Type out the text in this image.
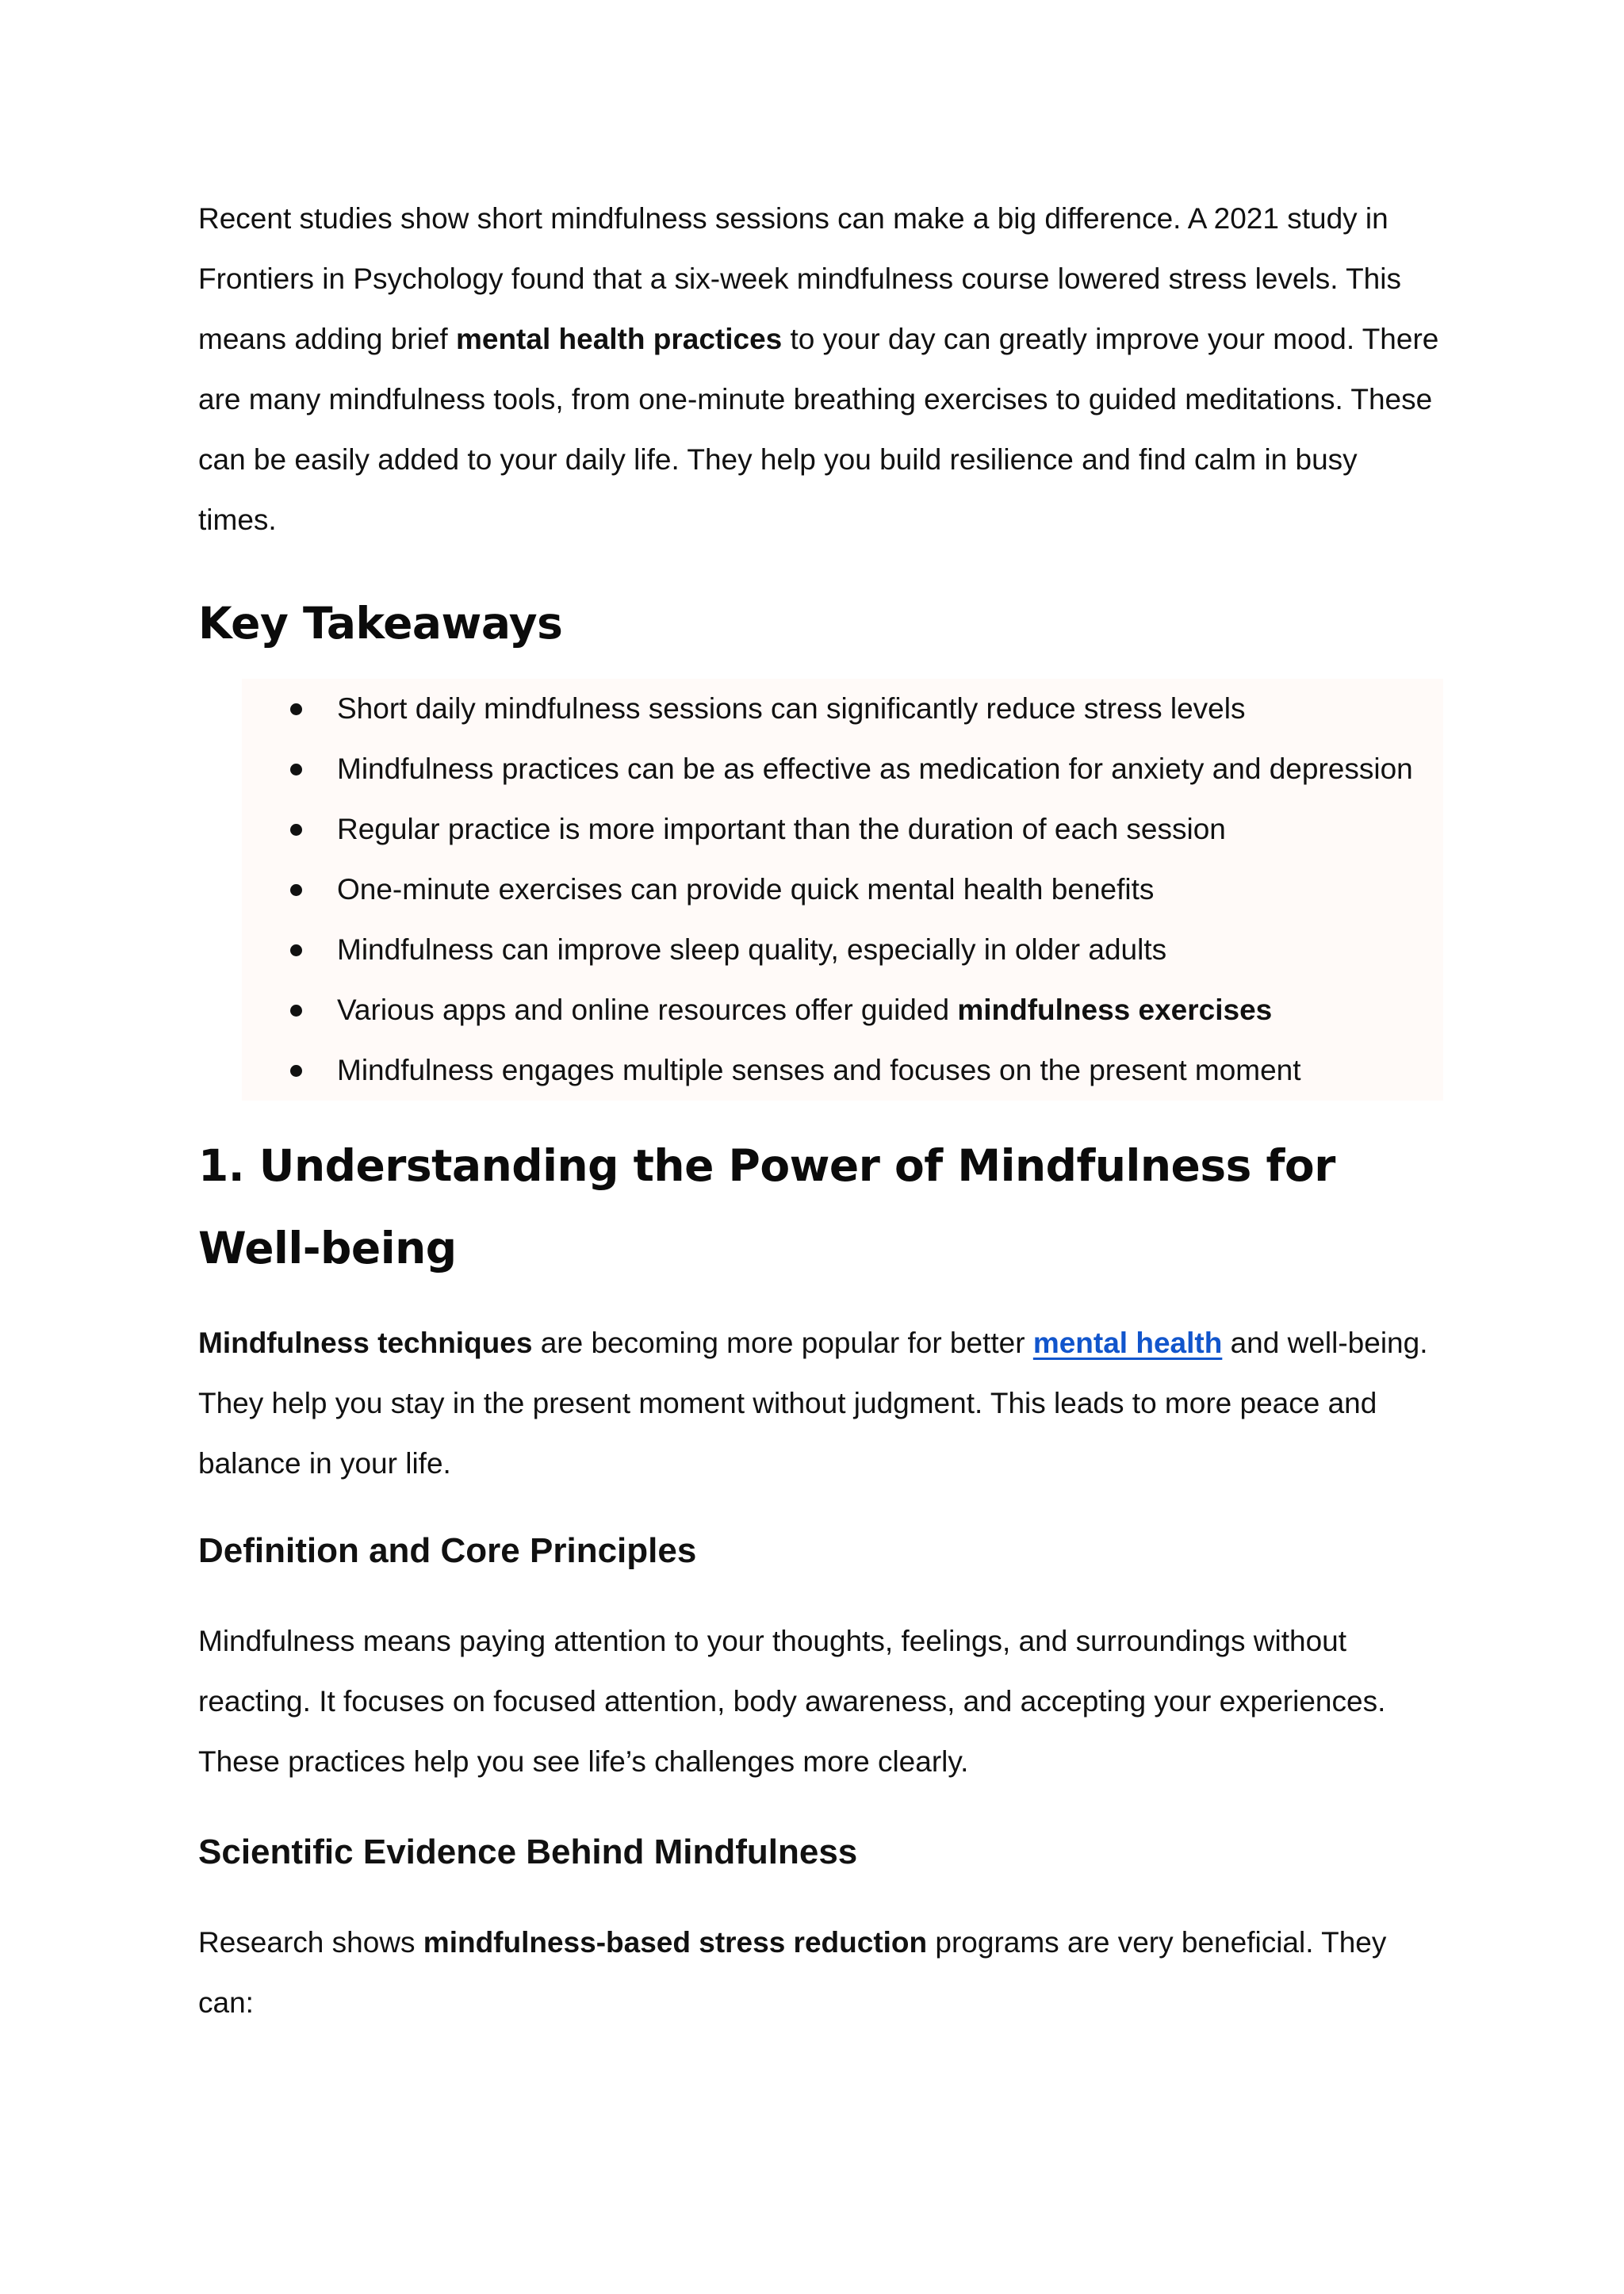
Recent studies show short mindfulness sessions can make a big difference. A 2021 study in Frontiers in Psychology found that a six-week mindfulness course lowered stress levels. This means adding brief mental health practices to your day can greatly improve your mood. There are many mindfulness tools, from one-minute breathing exercises to guided meditations. These can be easily added to your daily life. They help you build resilience and find calm in busy times.

Key Takeaways
Short daily mindfulness sessions can significantly reduce stress levels
Mindfulness practices can be as effective as medication for anxiety and depression
Regular practice is more important than the duration of each session
One-minute exercises can provide quick mental health benefits
Mindfulness can improve sleep quality, especially in older adults
Various apps and online resources offer guided mindfulness exercises
Mindfulness engages multiple senses and focuses on the present moment
1. Understanding the Power of Mindfulness for
Well-being

Mindfulness techniques are becoming more popular for better mental health and well-being. They help you stay in the present moment without judgment. This leads to more peace and balance in your life.

Definition and Core Principles

Mindfulness means paying attention to your thoughts, feelings, and surroundings without reacting. It focuses on focused attention, body awareness, and accepting your experiences. These practices help you see life’s challenges more clearly.

Scientific Evidence Behind Mindfulness

Research shows mindfulness-based stress reduction programs are very beneficial. They can:
